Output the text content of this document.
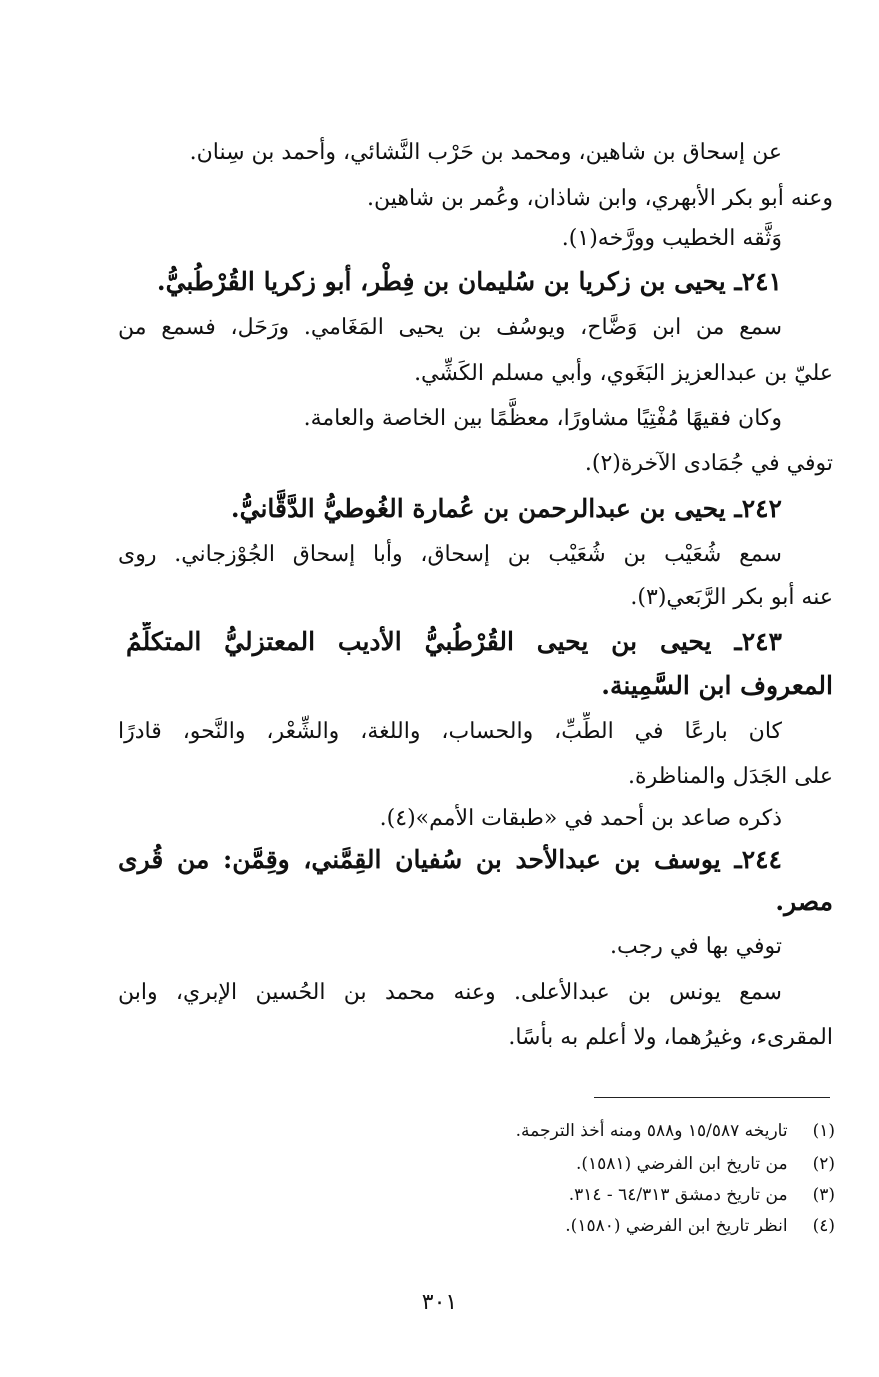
عن إسحاق بن شاهين، ومحمد بن حَرْب النَّشائي، وأحمد بن سِنان.
وعنه أبو بكر الأبهري، وابن شاذان، وعُمر بن شاهين.
وَثَّقه الخطيب وورَّخه(١).
٢٤١ـ يحيى بن زكريا بن سُليمان بن فِطْر، أبو زكريا القُرْطُبيُّ.
سمع من ابن وَضَّاح، ويوسُف بن يحيى المَغَامي. ورَحَل، فسمع من
عليّ بن عبدالعزيز البَغَوي، وأبي مسلم الكَشِّي.
وكان فقيهًا مُفْتِيًا مشاورًا، معظَّمًا بين الخاصة والعامة.
توفي في جُمَادى الآخرة(٢).
٢٤٢ـ يحيى بن عبدالرحمن بن عُمارة الغُوطيُّ الدَّقَّانيُّ.
سمع شُعَيْب بن شُعَيْب بن إسحاق، وأبا إسحاق الجُوْزجاني. روى
عنه أبو بكر الرَّبَعي(٣).
٢٤٣ـ يحيى بن يحيى القُرْطُبيُّ الأديب المعتزليُّ المتكلِّمُ
المعروف ابن السَّمِينة.
كان بارعًا في الطِّبِّ، والحساب، واللغة، والشِّعْر، والنَّحو، قادرًا
على الجَدَل والمناظرة.
ذكره صاعد بن أحمد في «طبقات الأمم»(٤).
٢٤٤ـ يوسف بن عبدالأحد بن سُفيان القِمَّني، وقِمَّن: من قُرى
مصر.
توفي بها في رجب.
سمع يونس بن عبدالأعلى. وعنه محمد بن الحُسين الإبري، وابن
المقرىء، وغيرُهما، ولا أعلم به بأسًا.
(١) تاريخه ١٥/٥٨٧ و٥٨٨ ومنه أخذ الترجمة.
(٢) من تاريخ ابن الفرضي (١٥٨١).
(٣) من تاريخ دمشق ٦٤/٣١٣ - ٣١٤.
(٤) انظر تاريخ ابن الفرضي (١٥٨٠).
٣٠١
